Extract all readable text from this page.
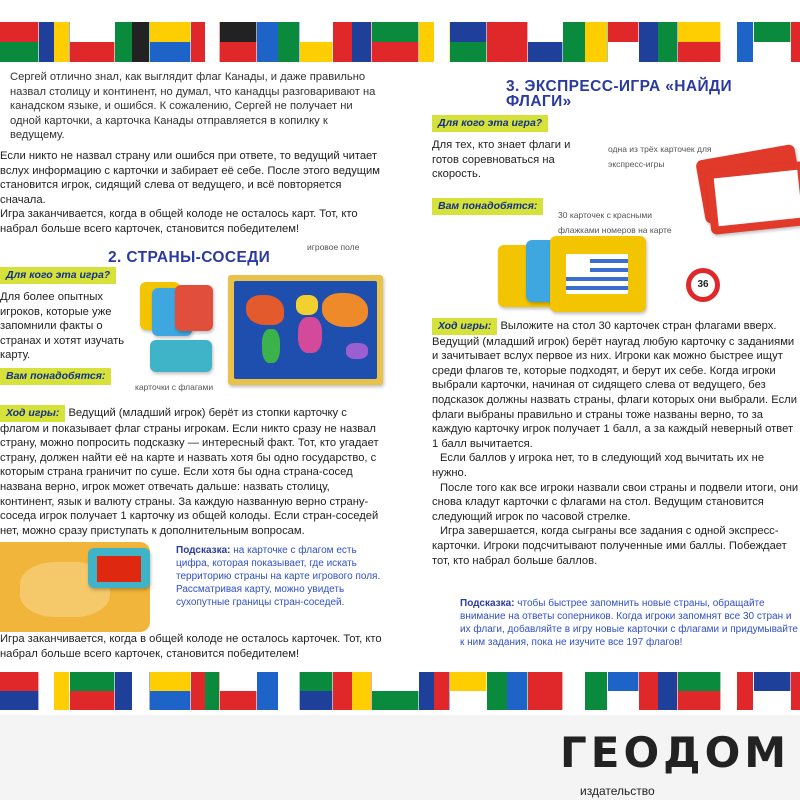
Сергей отлично знал, как выглядит флаг Канады, и даже правильно назвал столицу и континент, но думал, что канадцы разговаривают на канадском языке, и ошибся. К сожалению, Сергей не получает ни одной карточки, а карточка Канады отправляется в копилку к ведущему.

Если никто не назвал страну или ошибся при ответе, то ведущий читает вслух информацию с карточки и забирает её себе. После этого ведущим становится игрок, сидящий слева от ведущего, и всё повторяется сначала.

Игра заканчивается, когда в общей колоде не осталось карт. Тот, кто набрал больше всего карточек, становится победителем!

2. СТРАНЫ-СОСЕДИ
игровое поле
Для кого эта игра?

Для более опытных игроков, которые уже запомнили факты о странах и хотят изучать карту.

Вам понадобятся:
карточки с флагами

Ход игры: Ведущий (младший игрок) берёт из стопки карточку с флагом и показывает флаг страны игрокам. Если никто сразу не назвал страну, можно попросить подсказку — интересный факт. Тот, кто угадает страну, должен найти её на карте и назвать хотя бы одно государство, с которым страна граничит по суше. Если хотя бы одна страна-сосед названа верно, игрок может отвечать дальше: назвать столицу, континент, язык и валюту страны. За каждую названную верно страну-соседа игрок получает 1 карточку из общей колоды. Если стран-соседей нет, можно сразу приступать к дополнительным вопросам.

Подсказка: на карточке с флагом есть цифра, которая показывает, где искать территорию страны на карте игрового поля. Рассматривая карту, можно увидеть сухопутные границы стран-соседей.

Игра заканчивается, когда в общей колоде не осталось карточек. Тот, кто набрал больше всего карточек, становится победителем!

3. ЭКСПРЕСС-ИГРА «НАЙДИ ФЛАГИ»
Для кого эта игра?

Для тех, кто знает флаги и готов соревноваться на скорость.

одна из трёх карточек для экспресс-игры
Вам понадобятся:
30 карточек с красными флажками номеров на карте
36

Ход игры: Выложите на стол 30 карточек стран флагами вверх. Ведущий (младший игрок) берёт наугад любую карточку с заданиями и зачитывает вслух первое из них. Игроки как можно быстрее ищут среди флагов те, которые подходят, и берут их себе. Когда игроки выбрали карточки, начиная от сидящего слева от ведущего, без подсказок должны назвать страны, флаги которых они выбрали. Если флаги выбраны правильно и страны тоже названы верно, то за каждую карточку игрок получает 1 балл, а за каждый неверный ответ 1 балл вычитается.

Если баллов у игрока нет, то в следующий ход вычитать их не нужно.

После того как все игроки назвали свои страны и подвели итоги, они снова кладут карточки с флагами на стол. Ведущим становится следующий игрок по часовой стрелке.

Игра завершается, когда сыграны все задания с одной экспресс-карточки. Игроки подсчитывают полученные ими баллы. Побеждает тот, кто набрал больше баллов.

Подсказка: чтобы быстрее запомнить новые страны, обращайте внимание на ответы соперников. Когда игроки запомнят все 30 стран и их флаги, добавляйте в игру новые карточки с флагами и придумывайте к ним задания, пока не изучите все 197 флагов!

ГЕОДОМ
издательство
